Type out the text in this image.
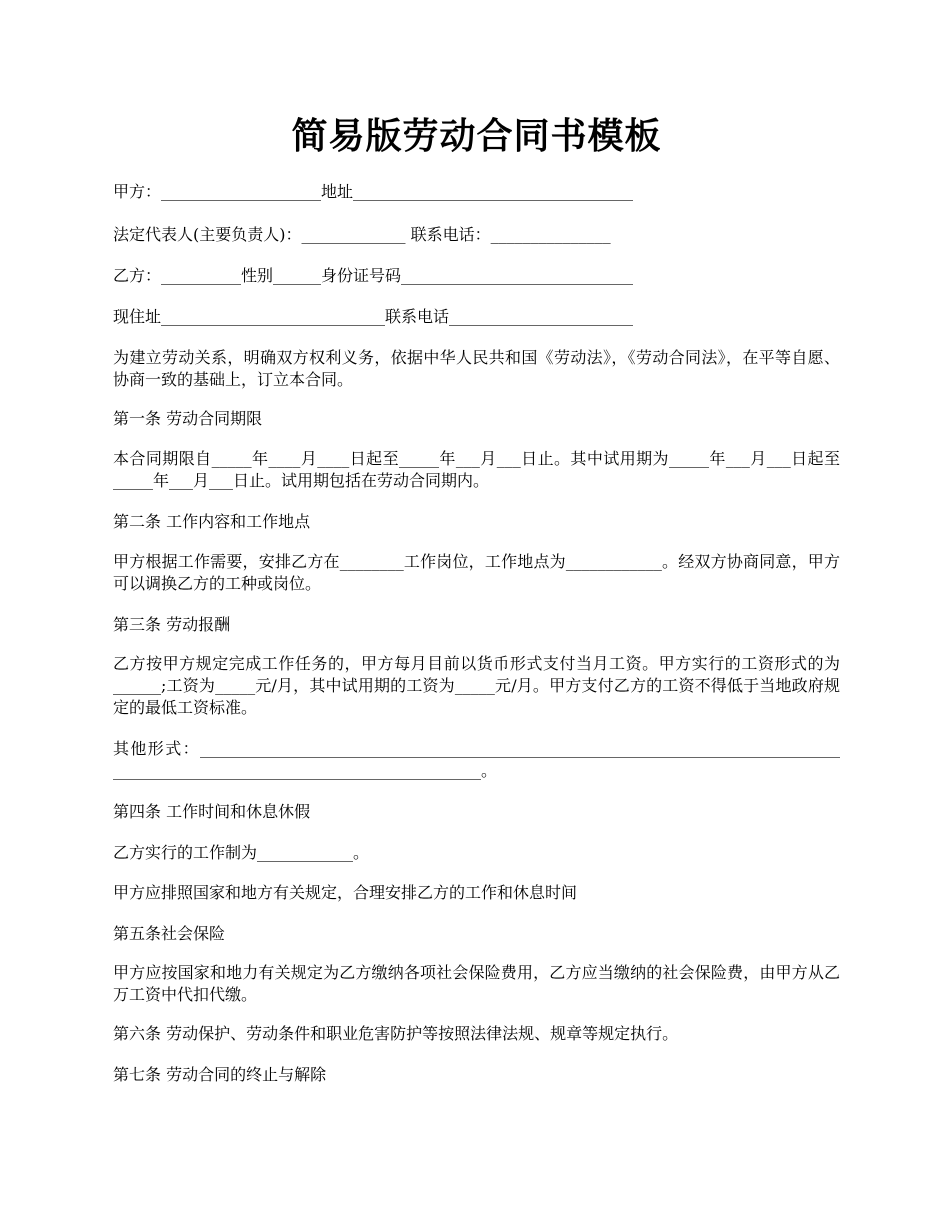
简易版劳动合同书模板

甲方：____________________地址___________________________________

法定代表人(主要负责人)：_____________ 联系电话：_______________

乙方：__________性别______身份证号码_____________________________

现住址____________________________联系电话_______________________

为建立劳动关系，明确双方权利义务，依据中华人民共和国《劳动法》，《劳动合同法》，在平等自愿、协商一致的基础上，订立本合同。

第一条 劳动合同期限

本合同期限自_____年____月____日起至_____年___月___日止。其中试用期为_____年___月___日起至_____年___月___日止。试用期包括在劳动合同期内。

第二条 工作内容和工作地点

甲方根据工作需要，安排乙方在________工作岗位，工作地点为____________。经双方协商同意，甲方可以调换乙方的工种或岗位。

第三条 劳动报酬

乙方按甲方规定完成工作任务的，甲方每月目前以货币形式支付当月工资。甲方实行的工资形式的为______;工资为_____元/月，其中试用期的工资为_____元/月。甲方支付乙方的工资不得低于当地政府规定的最低工资标准。

其他形式：______________________________________________________________________________________________________________________________。

第四条 工作时间和休息休假

乙方实行的工作制为____________。

甲方应排照国家和地方有关规定，合理安排乙方的工作和休息时间

第五条社会保险

甲方应按国家和地力有关规定为乙方缴纳各项社会保险费用，乙方应当缴纳的社会保险费，由甲方从乙万工资中代扣代缴。

第六条 劳动保护、劳动条件和职业危害防护等按照法律法规、规章等规定执行。

第七条 劳动合同的终止与解除
